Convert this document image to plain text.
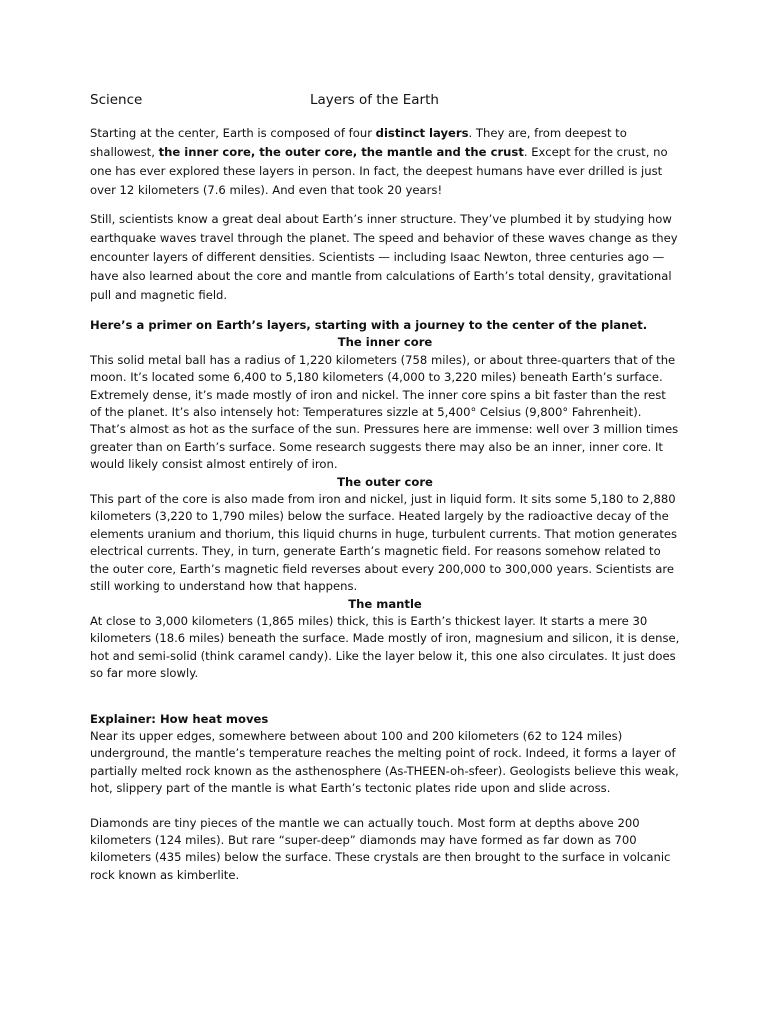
Science	Layers of the Earth

Starting at the center, Earth is composed of four distinct layers. They are, from deepest to shallowest, the inner core, the outer core, the mantle and the crust. Except for the crust, no one has ever explored these layers in person. In fact, the deepest humans have ever drilled is just over 12 kilometers (7.6 miles). And even that took 20 years!

Still, scientists know a great deal about Earth’s inner structure. They’ve plumbed it by studying how earthquake waves travel through the planet. The speed and behavior of these waves change as they encounter layers of different densities. Scientists — including Isaac Newton, three centuries ago — have also learned about the core and mantle from calculations of Earth’s total density, gravitational pull and magnetic field.

Here’s a primer on Earth’s layers, starting with a journey to the center of the planet.

The inner core

This solid metal ball has a radius of 1,220 kilometers (758 miles), or about three-quarters that of the moon. It’s located some 6,400 to 5,180 kilometers (4,000 to 3,220 miles) beneath Earth’s surface. Extremely dense, it’s made mostly of iron and nickel. The inner core spins a bit faster than the rest of the planet. It’s also intensely hot: Temperatures sizzle at 5,400° Celsius (9,800° Fahrenheit). That’s almost as hot as the surface of the sun. Pressures here are immense: well over 3 million times greater than on Earth’s surface. Some research suggests there may also be an inner, inner core. It would likely consist almost entirely of iron.

The outer core

This part of the core is also made from iron and nickel, just in liquid form. It sits some 5,180 to 2,880 kilometers (3,220 to 1,790 miles) below the surface. Heated largely by the radioactive decay of the elements uranium and thorium, this liquid churns in huge, turbulent currents. That motion generates electrical currents. They, in turn, generate Earth’s magnetic field. For reasons somehow related to the outer core, Earth’s magnetic field reverses about every 200,000 to 300,000 years. Scientists are still working to understand how that happens.

The mantle

At close to 3,000 kilometers (1,865 miles) thick, this is Earth’s thickest layer. It starts a mere 30 kilometers (18.6 miles) beneath the surface. Made mostly of iron, magnesium and silicon, it is dense, hot and semi-solid (think caramel candy). Like the layer below it, this one also circulates. It just does so far more slowly.

Explainer: How heat moves

Near its upper edges, somewhere between about 100 and 200 kilometers (62 to 124 miles) underground, the mantle’s temperature reaches the melting point of rock. Indeed, it forms a layer of partially melted rock known as the asthenosphere (As-THEEN-oh-sfeer). Geologists believe this weak, hot, slippery part of the mantle is what Earth’s tectonic plates ride upon and slide across.

Diamonds are tiny pieces of the mantle we can actually touch. Most form at depths above 200 kilometers (124 miles). But rare “super-deep” diamonds may have formed as far down as 700 kilometers (435 miles) below the surface. These crystals are then brought to the surface in volcanic rock known as kimberlite.
